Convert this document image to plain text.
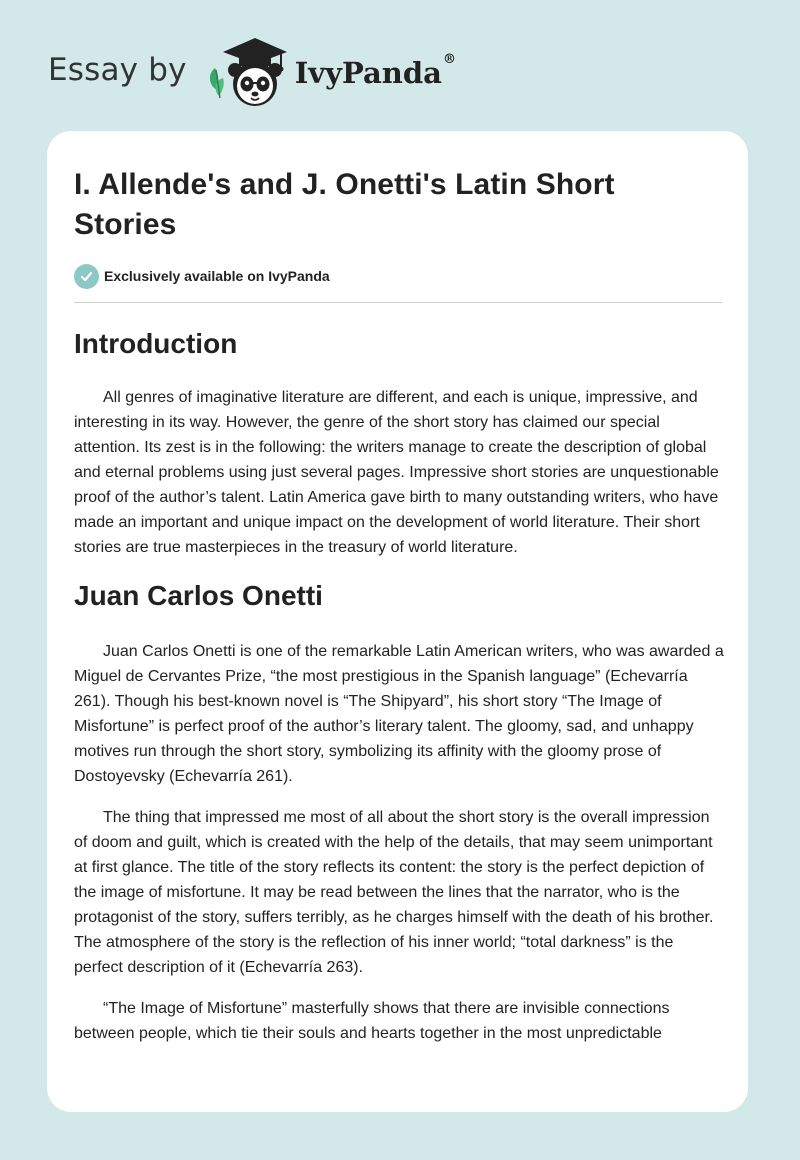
Essay by	IvyPanda®
I. Allende's and J. Onetti's Latin Short Stories
Exclusively available on IvyPanda
Introduction

All genres of imaginative literature are different, and each is unique, impressive, and interesting in its way. However, the genre of the short story has claimed our special attention. Its zest is in the following: the writers manage to create the description of global and eternal problems using just several pages. Impressive short stories are unquestionable proof of the author’s talent. Latin America gave birth to many outstanding writers, who have made an important and unique impact on the development of world literature. Their short stories are true masterpieces in the treasury of world literature.

Juan Carlos Onetti

Juan Carlos Onetti is one of the remarkable Latin American writers, who was awarded a Miguel de Cervantes Prize, “the most prestigious in the Spanish language” (Echevarría 261). Though his best-known novel is “The Shipyard”, his short story “The Image of Misfortune” is perfect proof of the author’s literary talent. The gloomy, sad, and unhappy motives run through the short story, symbolizing its affinity with the gloomy prose of Dostoyevsky (Echevarría 261).

The thing that impressed me most of all about the short story is the overall impression of doom and guilt, which is created with the help of the details, that may seem unimportant at first glance. The title of the story reflects its content: the story is the perfect depiction of the image of misfortune. It may be read between the lines that the narrator, who is the protagonist of the story, suffers terribly, as he charges himself with the death of his brother. The atmosphere of the story is the reflection of his inner world; “total darkness” is the perfect description of it (Echevarría 263).

“The Image of Misfortune” masterfully shows that there are invisible connections between people, which tie their souls and hearts together in the most unpredictable
